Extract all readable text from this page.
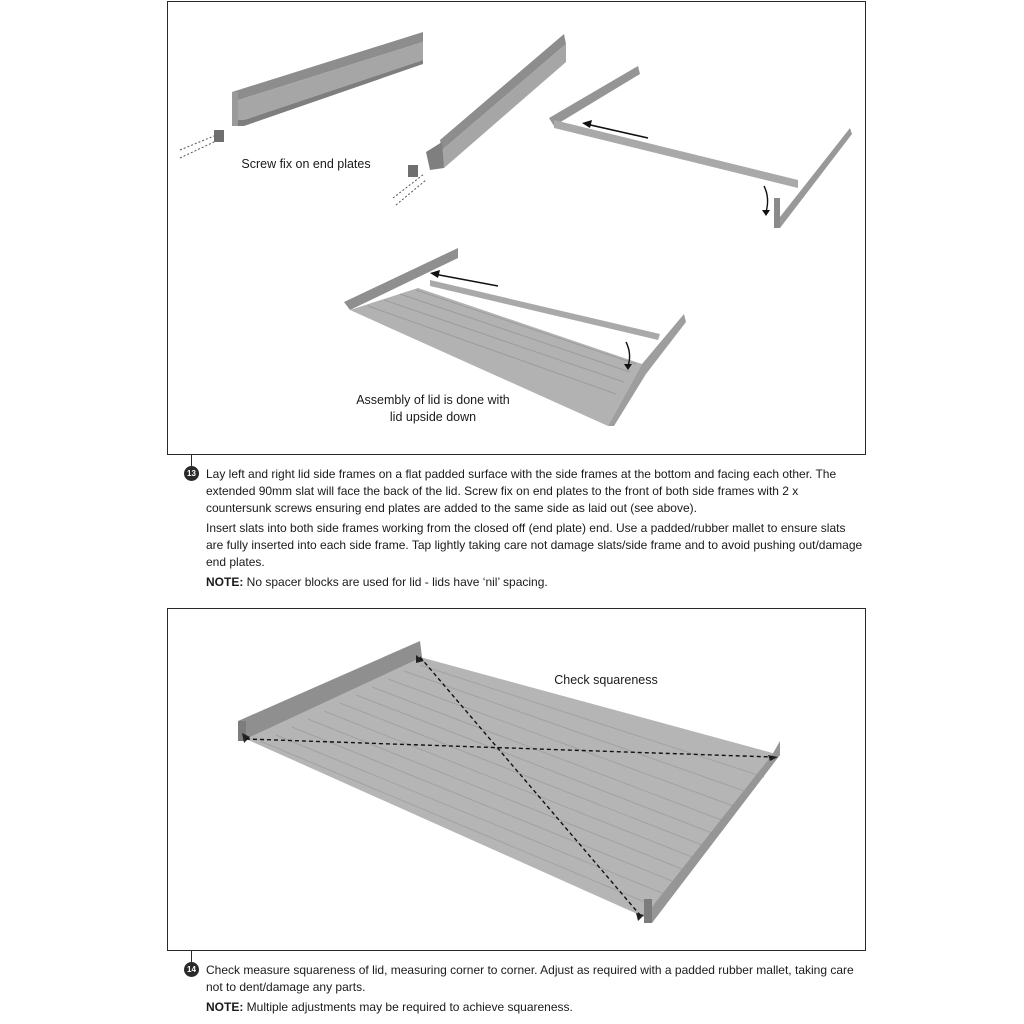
Screw fix on end plates
Assembly of lid is done with
lid upside down
13 Lay left and right lid side frames on a flat padded surface with the side frames at the bottom and facing each other. The extended 90mm slat will face the back of the lid. Screw fix on end plates to the front of both side frames with 2 x countersunk screws ensuring end plates are added to the same side as laid out (see above).

Insert slats into both side frames working from the closed off (end plate) end. Use a padded/rubber mallet to ensure slats are fully inserted into each side frame. Tap lightly taking care not damage slats/side frame and to avoid pushing out/damage end plates.

NOTE: No spacer blocks are used for lid - lids have ‘nil’ spacing.

Check squareness
14 Check measure squareness of lid, measuring corner to corner. Adjust as required with a padded rubber mallet, taking care not to dent/damage any parts.

NOTE: Multiple adjustments may be required to achieve squareness.
